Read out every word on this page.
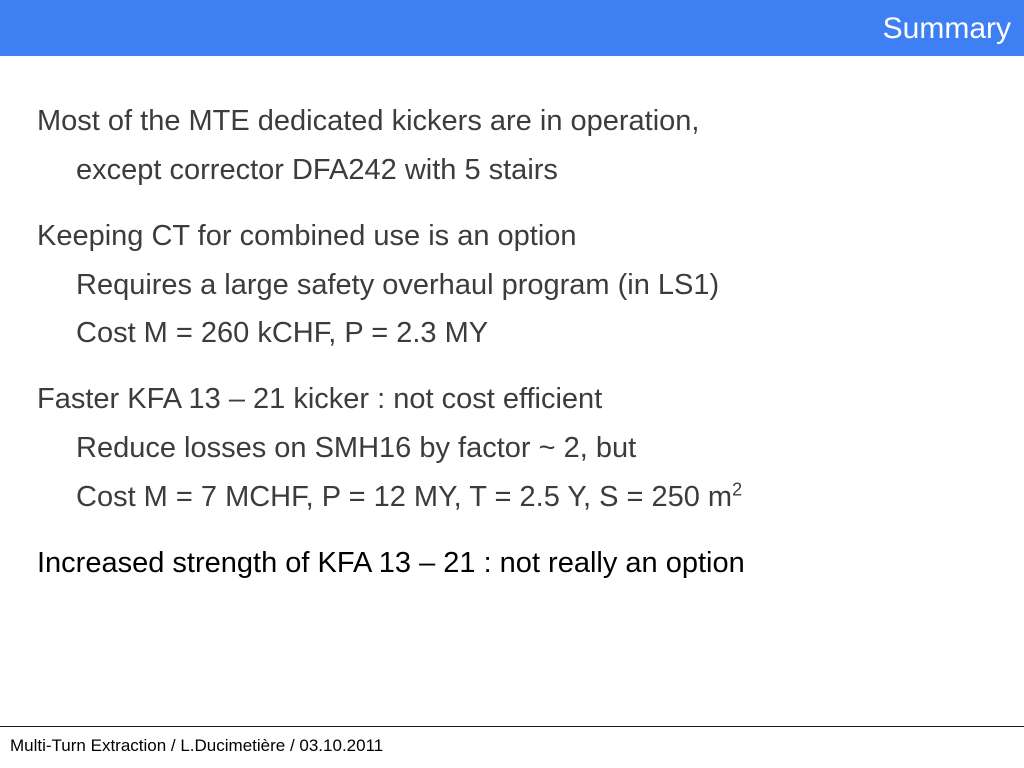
Summary
Most of the MTE dedicated kickers are in operation,
except corrector DFA242 with 5 stairs
Keeping CT for combined use is an option
Requires a large safety overhaul program (in LS1)
Cost M = 260 kCHF, P = 2.3 MY
Faster KFA 13 – 21 kicker : not cost efficient
Reduce losses on SMH16 by factor ~ 2, but
Cost M = 7 MCHF, P = 12 MY, T = 2.5 Y, S = 250 $m^2$
Increased strength of KFA 13 – 21 : not really an option
Multi-Turn Extraction / L.Ducimetière / 03.10.2011
